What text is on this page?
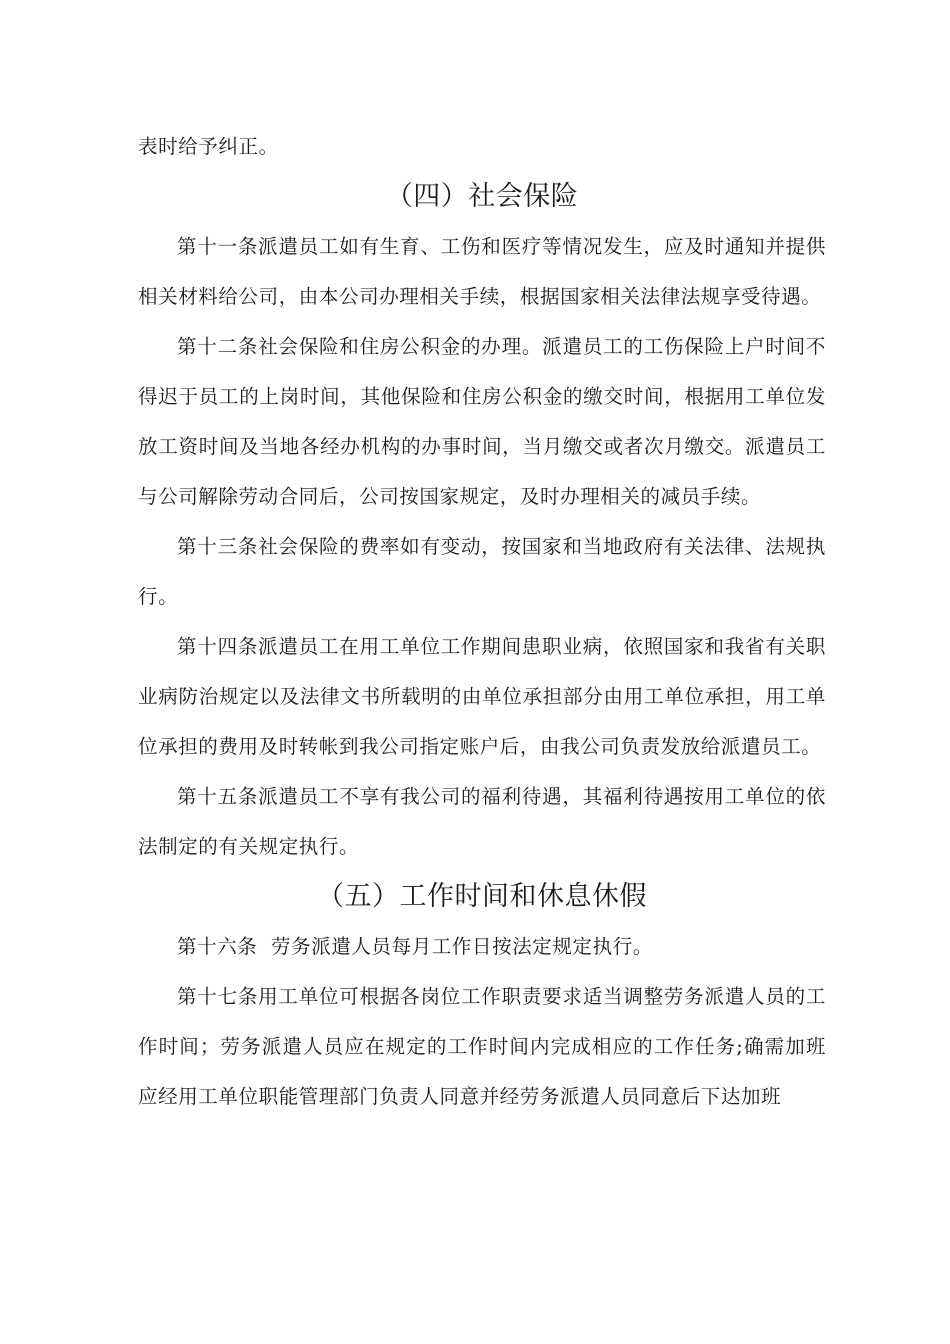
表时给予纠正。

（四）社会保险

第十一条派遣员工如有生育、工伤和医疗等情况发生，应及时通知并提供相关材料给公司，由本公司办理相关手续，根据国家相关法律法规享受待遇。

第十二条社会保险和住房公积金的办理。派遣员工的工伤保险上户时间不得迟于员工的上岗时间，其他保险和住房公积金的缴交时间，根据用工单位发放工资时间及当地各经办机构的办事时间，当月缴交或者次月缴交。派遣员工与公司解除劳动合同后，公司按国家规定，及时办理相关的减员手续。

第十三条社会保险的费率如有变动，按国家和当地政府有关法律、法规执行。

第十四条派遣员工在用工单位工作期间患职业病，依照国家和我省有关职业病防治规定以及法律文书所载明的由单位承担部分由用工单位承担，用工单位承担的费用及时转帐到我公司指定账户后，由我公司负责发放给派遣员工。

第十五条派遣员工不享有我公司的福利待遇，其福利待遇按用工单位的依法制定的有关规定执行。

（五）工作时间和休息休假

第十六条  劳务派遣人员每月工作日按法定规定执行。

第十七条用工单位可根据各岗位工作职责要求适当调整劳务派遣人员的工作时间；劳务派遣人员应在规定的工作时间内完成相应的工作任务;确需加班应经用工单位职能管理部门负责人同意并经劳务派遣人员同意后下达加班
